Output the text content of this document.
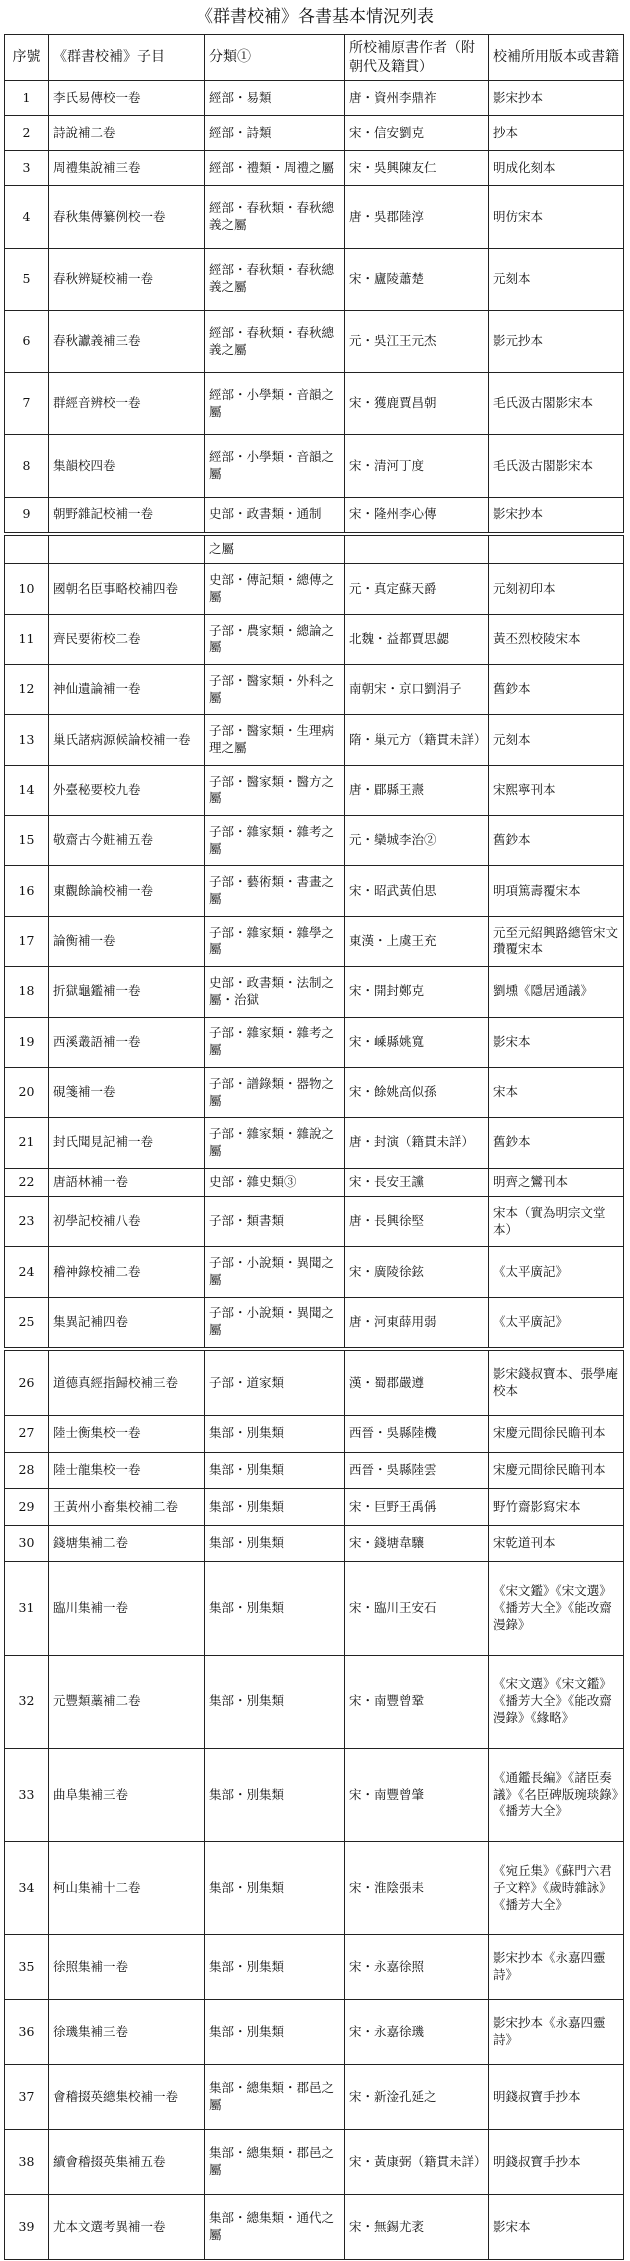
《群書校補》各書基本情況列表
序號	《群書校補》子目	分類①	所校補原書作者（附朝代及籍貫）	校補所用版本或書籍
1	李氏易傳校一卷	經部・易類	唐・資州李鼎祚	影宋抄本
2	詩說補二卷	經部・詩類	宋・信安劉克	抄本
3	周禮集說補三卷	經部・禮類・周禮之屬	宋・吳興陳友仁	明成化刻本
4	春秋集傳纂例校一卷	經部・春秋類・春秋總義之屬	唐・吳郡陸淳	明仿宋本
5	春秋辨疑校補一卷	經部・春秋類・春秋總義之屬	宋・廬陵蕭楚	元刻本
6	春秋讞義補三卷	經部・春秋類・春秋總義之屬	元・吳江王元杰	影元抄本
7	群經音辨校一卷	經部・小學類・音韻之屬	宋・獲鹿賈昌朝	毛氏汲古閣影宋本
8	集韻校四卷	經部・小學類・音韻之屬	宋・清河丁度	毛氏汲古閣影宋本
9	朝野雜記校補一卷	史部・政書類・通制	宋・隆州李心傳	影宋抄本
		之屬		
10	國朝名臣事略校補四卷	史部・傳記類・總傳之屬	元・真定蘇天爵	元刻初印本
11	齊民要術校二卷	子部・農家類・總論之屬	北魏・益都賈思勰	黃丕烈校陵宋本
12	神仙遺論補一卷	子部・醫家類・外科之屬	南朝宋・京口劉涓子	舊鈔本
13	巢氏諸病源候論校補一卷	子部・醫家類・生理病理之屬	隋・巢元方（籍貫未詳）	元刻本
14	外臺秘要校九卷	子部・醫家類・醫方之屬	唐・郿縣王燾	宋熙寧刊本
15	敬齋古今黈補五卷	子部・雜家類・雜考之屬	元・欒城李治②	舊鈔本
16	東觀餘論校補一卷	子部・藝術類・書畫之屬	宋・昭武黃伯思	明項篤壽覆宋本
17	論衡補一卷	子部・雜家類・雜學之屬	東漢・上虞王充	元至元紹興路總管宋文瓚覆宋本
18	折獄龜鑑補一卷	史部・政書類・法制之屬・治獄	宋・開封鄭克	劉壎《隱居通議》
19	西溪叢語補一卷	子部・雜家類・雜考之屬	宋・嵊縣姚寬	影宋本
20	硯箋補一卷	子部・譜錄類・器物之屬	宋・餘姚高似孫	宋本
21	封氏聞見記補一卷	子部・雜家類・雜說之屬	唐・封演（籍貫未詳）	舊鈔本
22	唐語林補一卷	史部・雜史類③	宋・長安王讜	明齊之鸞刊本
23	初學記校補八卷	子部・類書類	唐・長興徐堅	宋本（實為明宗文堂本）
24	稽神錄校補二卷	子部・小說類・異聞之屬	宋・廣陵徐鉉	《太平廣記》
25	集異記補四卷	子部・小說類・異聞之屬	唐・河東薛用弱	《太平廣記》
26	道德真經指歸校補三卷	子部・道家類	漢・蜀郡嚴遵	影宋錢叔寶本、張學庵校本
27	陸士衡集校一卷	集部・別集類	西晉・吳縣陸機	宋慶元間徐民瞻刊本
28	陸士龍集校一卷	集部・別集類	西晉・吳縣陸雲	宋慶元間徐民瞻刊本
29	王黃州小畜集校補二卷	集部・別集類	宋・巨野王禹偁	野竹齋影寫宋本
30	錢塘集補二卷	集部・別集類	宋・錢塘韋驤	宋乾道刊本
31	臨川集補一卷	集部・別集類	宋・臨川王安石	《宋文鑑》《宋文選》《播芳大全》《能改齋漫錄》
32	元豐類藁補二卷	集部・別集類	宋・南豐曾鞏	《宋文選》《宋文鑑》《播芳大全》《能改齋漫錄》《緣略》
33	曲阜集補三卷	集部・別集類	宋・南豐曾肇	《通鑑長編》《諸臣奏議》《名臣碑版琬琰錄》《播芳大全》
34	柯山集補十二卷	集部・別集類	宋・淮陰張耒	《宛丘集》《蘇門六君子文粹》《歲時雜詠》《播芳大全》
35	徐照集補一卷	集部・別集類	宋・永嘉徐照	影宋抄本《永嘉四靈詩》
36	徐璣集補三卷	集部・別集類	宋・永嘉徐璣	影宋抄本《永嘉四靈詩》
37	會稽掇英總集校補一卷	集部・總集類・郡邑之屬	宋・新淦孔延之	明錢叔寶手抄本
38	續會稽掇英集補五卷	集部・總集類・郡邑之屬	宋・黃康弼（籍貫未詳）	明錢叔寶手抄本
39	尤本文選考異補一卷	集部・總集類・通代之屬	宋・無錫尤袤	影宋本
